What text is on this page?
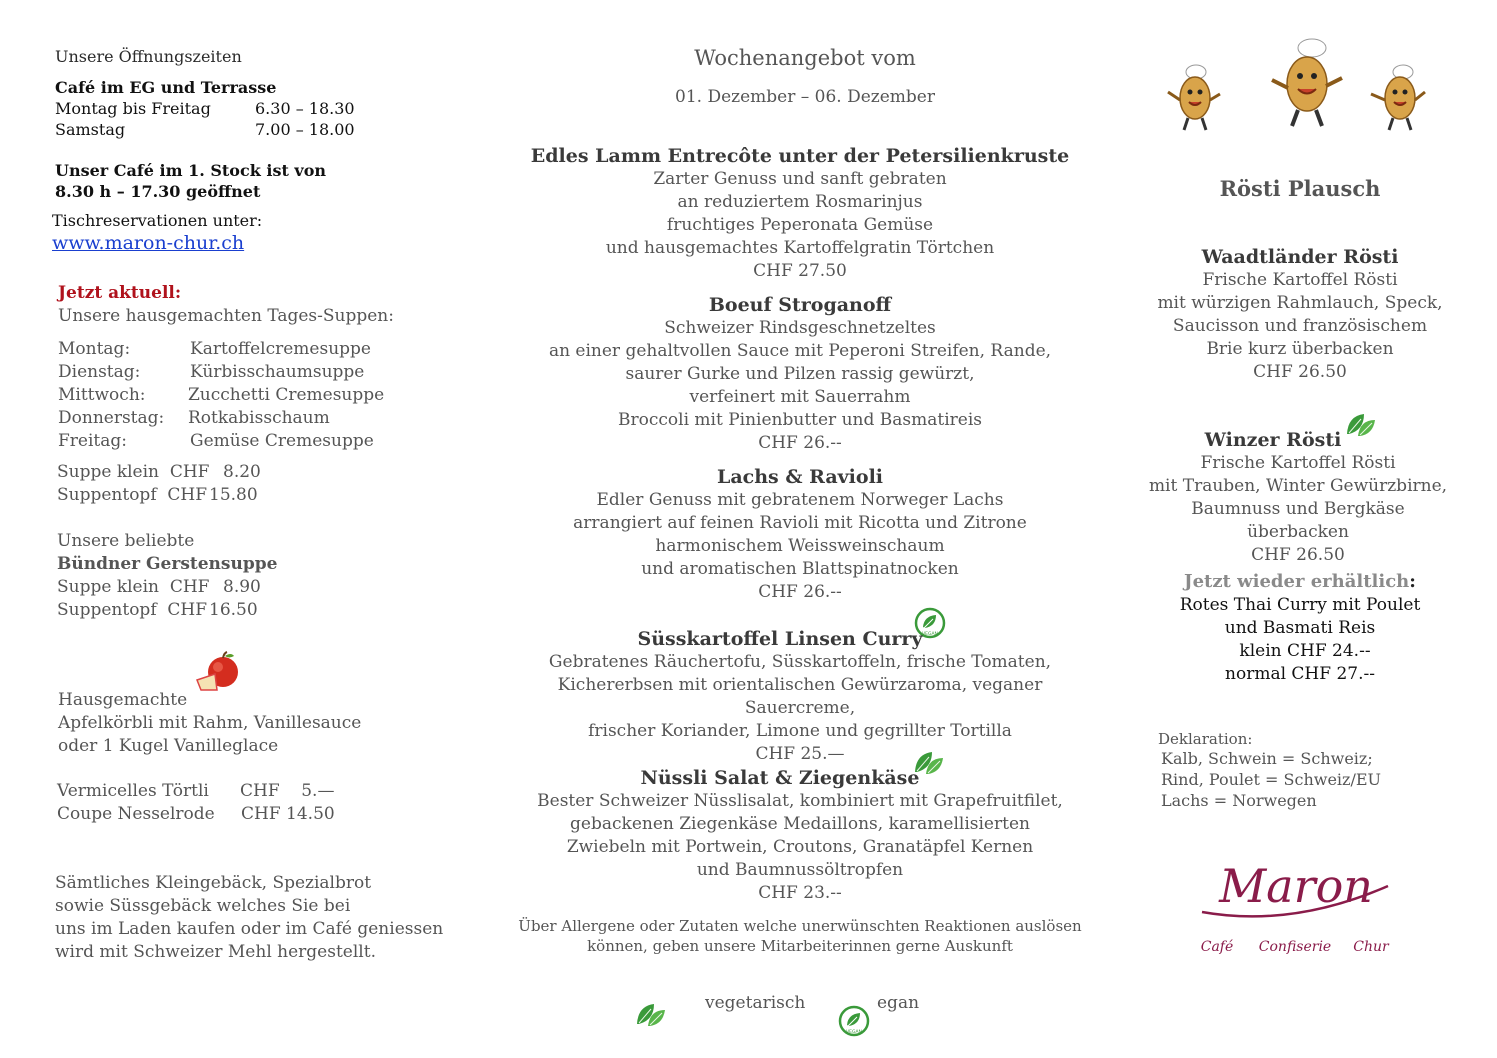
Unsere Öffnungszeiten
Café im EG und Terrasse
Montag bis Freitag	6.30 – 18.30
Samstag	7.00 – 18.00
Unser Café im 1. Stock ist von
8.30 h – 17.30 geöffnet
Tischreservationen unter:
www.maron-chur.ch
Jetzt aktuell:
Unsere hausgemachten Tages-Suppen:
Montag:	Kartoffelcremesuppe
Dienstag:	Kürbisschaumsuppe
Mittwoch:	Zucchetti Cremesuppe
Donnerstag: Rotkabisschaum
Freitag:	Gemüse Cremesuppe
Suppe klein  CHF 8.20
Suppentopf  CHF 15.80
Unsere beliebte
Bündner Gerstensuppe
Suppe klein  CHF 8.90
Suppentopf  CHF 16.50
Hausgemachte
Apfelkörbli mit Rahm, Vanillesauce
oder 1 Kugel Vanilleglace
Vermicelles Törtli CHF    5.—
Coupe Nesselrode CHF 14.50
Sämtliches Kleingebäck, Spezialbrot
sowie Süssgebäck welches Sie bei
uns im Laden kaufen oder im Café geniessen
wird mit Schweizer Mehl hergestellt.
Wochenangebot vom
01. Dezember – 06. Dezember
Edles Lamm Entrecôte unter der Petersilienkruste
Zarter Genuss und sanft gebraten
an reduziertem Rosmarinjus
fruchtiges Peperonata Gemüse
und hausgemachtes Kartoffelgratin Törtchen
CHF 27.50
Boeuf Stroganoff
Schweizer Rindsgeschnetzeltes
an einer gehaltvollen Sauce mit Peperoni Streifen, Rande,
saurer Gurke und Pilzen rassig gewürzt,
verfeinert mit Sauerrahm
Broccoli mit Pinienbutter und Basmatireis
CHF 26.--
Lachs & Ravioli
Edler Genuss mit gebratenem Norweger Lachs
arrangiert auf feinen Ravioli mit Ricotta und Zitrone
harmonischem Weissweinschaum
und aromatischen Blattspinatnocken
CHF 26.--
VEGAN
Süsskartoffel Linsen Curry
Gebratenes Räuchertofu, Süsskartoffeln, frische Tomaten,
Kichererbsen mit orientalischen Gewürzaroma, veganer Sauercreme,
frischer Koriander, Limone und gegrillter Tortilla
CHF 25.—
Nüssli Salat & Ziegenkäse
Bester Schweizer Nüsslisalat, kombiniert mit Grapefruitfilet,
gebackenen Ziegenkäse Medaillons, karamellisierten
Zwiebeln mit Portwein, Croutons, Granatäpfel Kernen
und Baumnussöltropfen
CHF 23.--
Über Allergene oder Zutaten welche unerwünschten Reaktionen auslösen
können, geben unsere Mitarbeiterinnen gerne Auskunft
vegetarisch
VEGAN
egan
Rösti Plausch
Waadtländer Rösti
Frische Kartoffel Rösti
mit würzigen Rahmlauch, Speck,
Saucisson und französischem
Brie kurz überbacken
CHF 26.50
Winzer Rösti
Frische Kartoffel Rösti
mit Trauben, Winter Gewürzbirne,
Baumnuss und Bergkäse überbacken
CHF 26.50
Jetzt wieder erhältlich:
Rotes Thai Curry mit Poulet
und Basmati Reis
klein CHF 24.--
normal CHF 27.--
Deklaration:
Kalb, Schwein = Schweiz;
Rind, Poulet = Schweiz/EU
Lachs = Norwegen
Maron
Café Confiserie Chur
